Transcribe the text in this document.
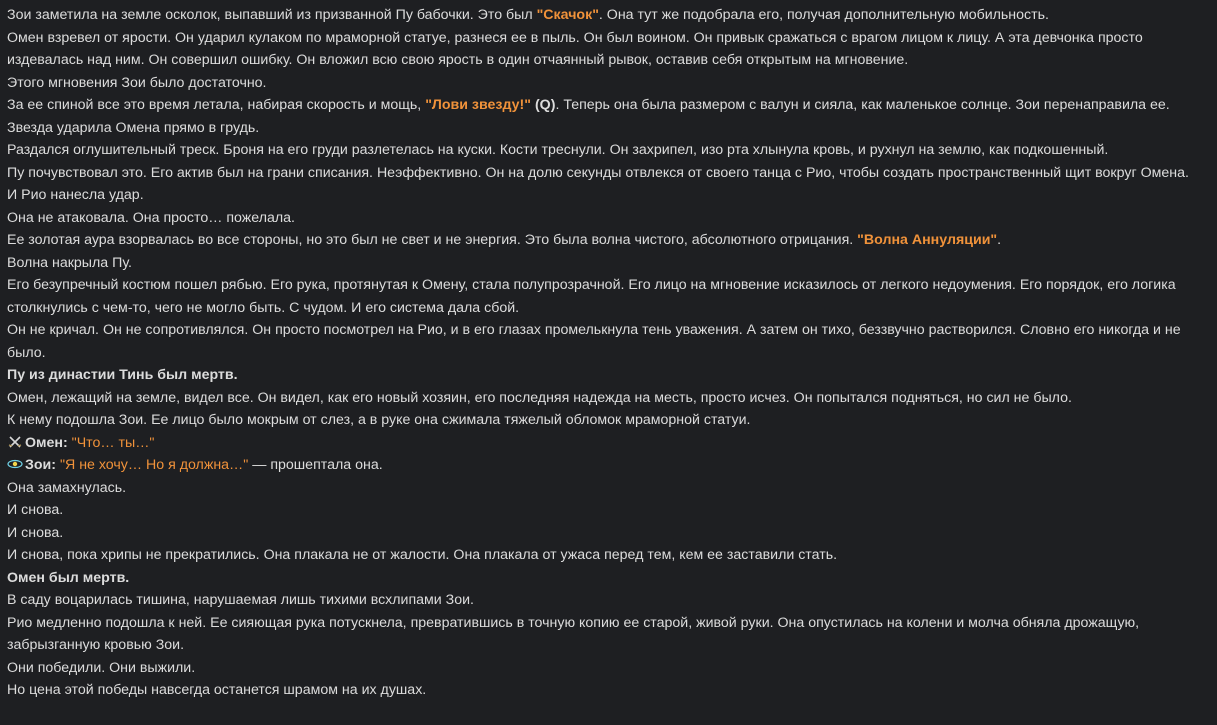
Зои заметила на земле осколок, выпавший из призванной Пу бабочки. Это был "Скачок". Она тут же подобрала его, получая дополнительную мобильность.
Омен взревел от ярости. Он ударил кулаком по мраморной статуе, разнеся ее в пыль. Он был воином. Он привык сражаться с врагом лицом к лицу. А эта девчонка просто издевалась над ним. Он совершил ошибку. Он вложил всю свою ярость в один отчаянный рывок, оставив себя открытым на мгновение.
Этого мгновения Зои было достаточно.
За ее спиной все это время летала, набирая скорость и мощь, "Лови звезду!" (Q). Теперь она была размером с валун и сияла, как маленькое солнце. Зои перенаправила ее.
Звезда ударила Омена прямо в грудь.
Раздался оглушительный треск. Броня на его груди разлетелась на куски. Кости треснули. Он захрипел, изо рта хлынула кровь, и рухнул на землю, как подкошенный.
Пу почувствовал это. Его актив был на грани списания. Неэффективно. Он на долю секунды отвлекся от своего танца с Рио, чтобы создать пространственный щит вокруг Омена.
И Рио нанесла удар.
Она не атаковала. Она просто… пожелала.
Ее золотая аура взорвалась во все стороны, но это был не свет и не энергия. Это была волна чистого, абсолютного отрицания. "Волна Аннуляции".
Волна накрыла Пу.
Его безупречный костюм пошел рябью. Его рука, протянутая к Омену, стала полупрозрачной. Его лицо на мгновение исказилось от легкого недоумения. Его порядок, его логика столкнулись с чем-то, чего не могло быть. С чудом. И его система дала сбой.
Он не кричал. Он не сопротивлялся. Он просто посмотрел на Рио, и в его глазах промелькнула тень уважения. А затем он тихо, беззвучно растворился. Словно его никогда и не было.
Пу из династии Тинь был мертв.
Омен, лежащий на земле, видел все. Он видел, как его новый хозяин, его последняя надежда на месть, просто исчез. Он попытался подняться, но сил не было.
К нему подошла Зои. Ее лицо было мокрым от слез, а в руке она сжимала тяжелый обломок мраморной статуи.
Омен: "Что… ты…"
Зои: "Я не хочу… Но я должна…" — прошептала она.
Она замахнулась.
И снова.
И снова.
И снова, пока хрипы не прекратились. Она плакала не от жалости. Она плакала от ужаса перед тем, кем ее заставили стать.
Омен был мертв.
В саду воцарилась тишина, нарушаемая лишь тихими всхлипами Зои.
Рио медленно подошла к ней. Ее сияющая рука потускнела, превратившись в точную копию ее старой, живой руки. Она опустилась на колени и молча обняла дрожащую, забрызганную кровью Зои.
Они победили. Они выжили.
Но цена этой победы навсегда останется шрамом на их душах.
